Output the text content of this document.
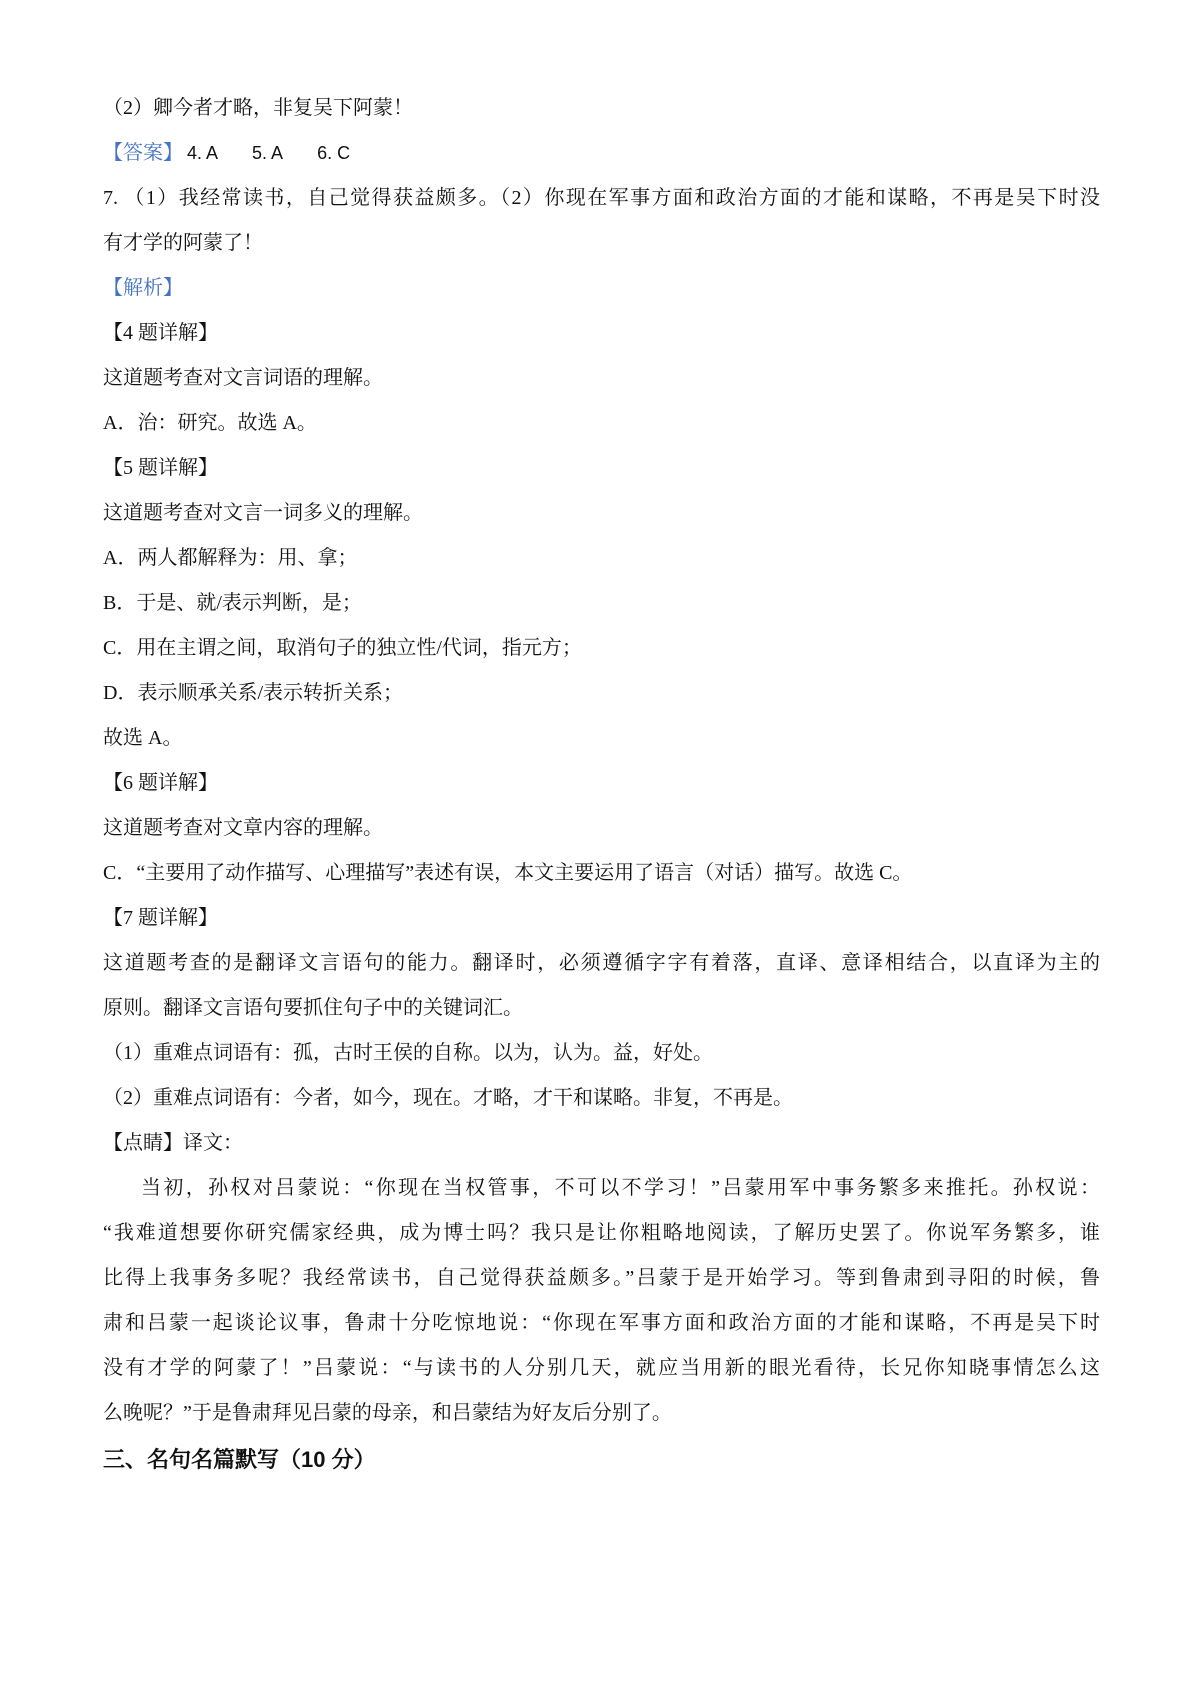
（2）卿今者才略，非复吴下阿蒙！
【答案】 4. A 5. A 6. C
7. （1）我经常读书，自己觉得获益颇多。（2）你现在军事方面和政治方面的才能和谋略，不再是吴下时没
有才学的阿蒙了！
【解析】
【4 题详解】
这道题考查对文言词语的理解。
A．治：研究。故选 A。
【5 题详解】
这道题考查对文言一词多义的理解。
A．两人都解释为：用、拿；
B．于是、就/表示判断，是；
C．用在主谓之间，取消句子的独立性/代词，指元方；
D．表示顺承关系/表示转折关系；
故选 A。
【6 题详解】
这道题考查对文章内容的理解。
C．“主要用了动作描写、心理描写”表述有误，本文主要运用了语言（对话）描写。故选 C。
【7 题详解】
这道题考查的是翻译文言语句的能力。翻译时，必须遵循字字有着落，直译、意译相结合，以直译为主的
原则。翻译文言语句要抓住句子中的关键词汇。
（1）重难点词语有：孤，古时王侯的自称。以为，认为。益，好处。
（2）重难点词语有：今者，如今，现在。才略，才干和谋略。非复，不再是。
【点睛】译文：
当初，孙权对吕蒙说：“你现在当权管事，不可以不学习！”吕蒙用军中事务繁多来推托。孙权说：
“我难道想要你研究儒家经典，成为博士吗？我只是让你粗略地阅读，了解历史罢了。你说军务繁多，谁
比得上我事务多呢？我经常读书，自己觉得获益颇多。”吕蒙于是开始学习。等到鲁肃到寻阳的时候，鲁
肃和吕蒙一起谈论议事，鲁肃十分吃惊地说：“你现在军事方面和政治方面的才能和谋略，不再是吴下时
没有才学的阿蒙了！”吕蒙说：“与读书的人分别几天，就应当用新的眼光看待，长兄你知晓事情怎么这
么晚呢？”于是鲁肃拜见吕蒙的母亲，和吕蒙结为好友后分别了。
三、名句名篇默写（10 分）
